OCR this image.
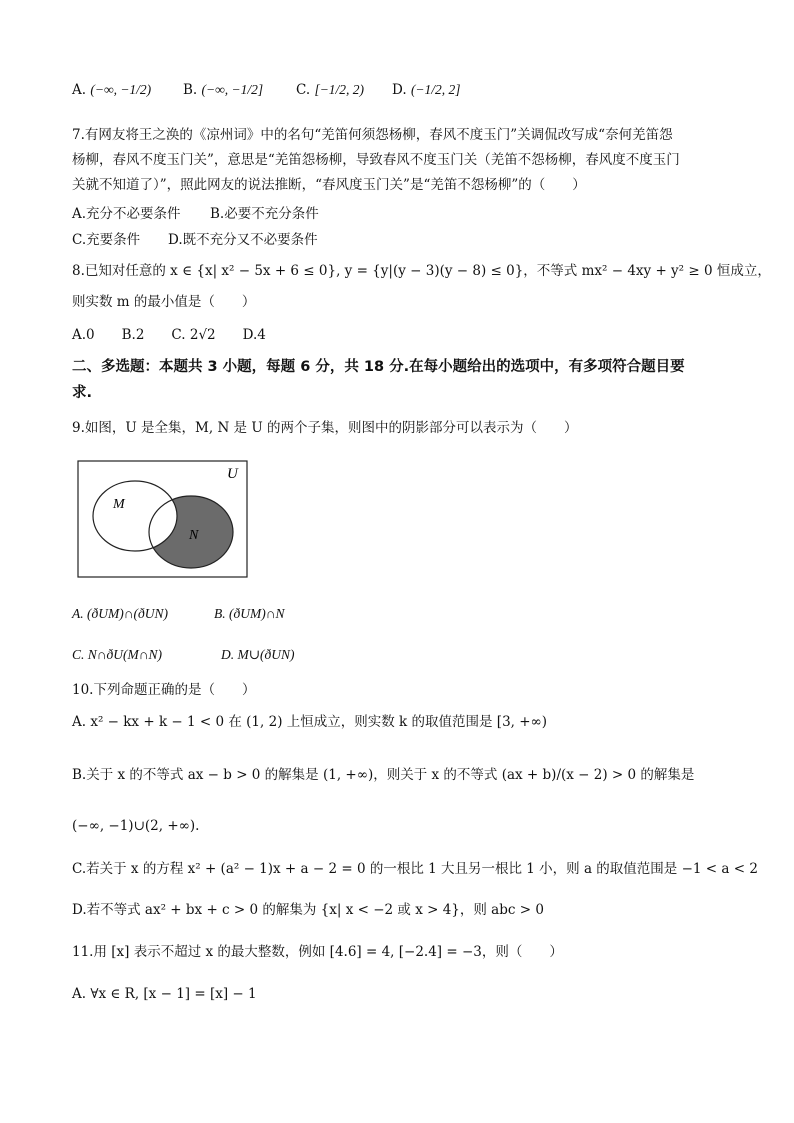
A. (−∞, −1/2) B. (−∞, −1/2] C. [−1/2, 2) D. (−1/2, 2]
7.有网友将王之涣的《凉州词》中的名句“羌笛何须怨杨柳，春风不度玉门”关调侃改写成“奈何羌笛怨
杨柳，春风不度玉门关”，意思是“羌笛怨杨柳，导致春风不度玉门关（羌笛不怨杨柳，春风度不度玉门
关就不知道了）”，照此网友的说法推断，“春风度玉门关”是“羌笛不怨杨柳”的（　　）
A.充分不必要条件 B.必要不充分条件
C.充要条件 D.既不充分又不必要条件
8.已知对任意的 x ∈ {x| x² − 5x + 6 ≤ 0}, y = {y|(y − 3)(y − 8) ≤ 0}，不等式 mx² − 4xy + y² ≥ 0 恒成立，
则实数 m 的最小值是（　　）
A.0　　B.2　　C. 2√2　　D.4
二、多选题：本题共 3 小题，每题 6 分，共 18 分.在每小题给出的选项中，有多项符合题目要
求.
9.如图，U 是全集，M, N 是 U 的两个子集，则图中的阴影部分可以表示为（　　）
U
M
N
A. (ðUM)∩(ðUN)	B. (ðUM)∩N
C. N∩ðU(M∩N)	D. M∪(ðUN)
10.下列命题正确的是（　　）
A. x² − kx + k − 1 < 0 在 (1, 2) 上恒成立，则实数 k 的取值范围是 [3, +∞)
B.关于 x 的不等式 ax − b > 0 的解集是 (1, +∞)，则关于 x 的不等式 (ax + b)/(x − 2) > 0 的解集是
(−∞, −1)∪(2, +∞).
C.若关于 x 的方程 x² + (a² − 1)x + a − 2 = 0 的一根比 1 大且另一根比 1 小，则 a 的取值范围是 −1 < a < 2
D.若不等式 ax² + bx + c > 0 的解集为 {x| x < −2 或 x > 4}，则 abc > 0
11.用 [x] 表示不超过 x 的最大整数，例如 [4.6] = 4, [−2.4] = −3，则（　　）
A. ∀x ∈ R, [x − 1] = [x] − 1
